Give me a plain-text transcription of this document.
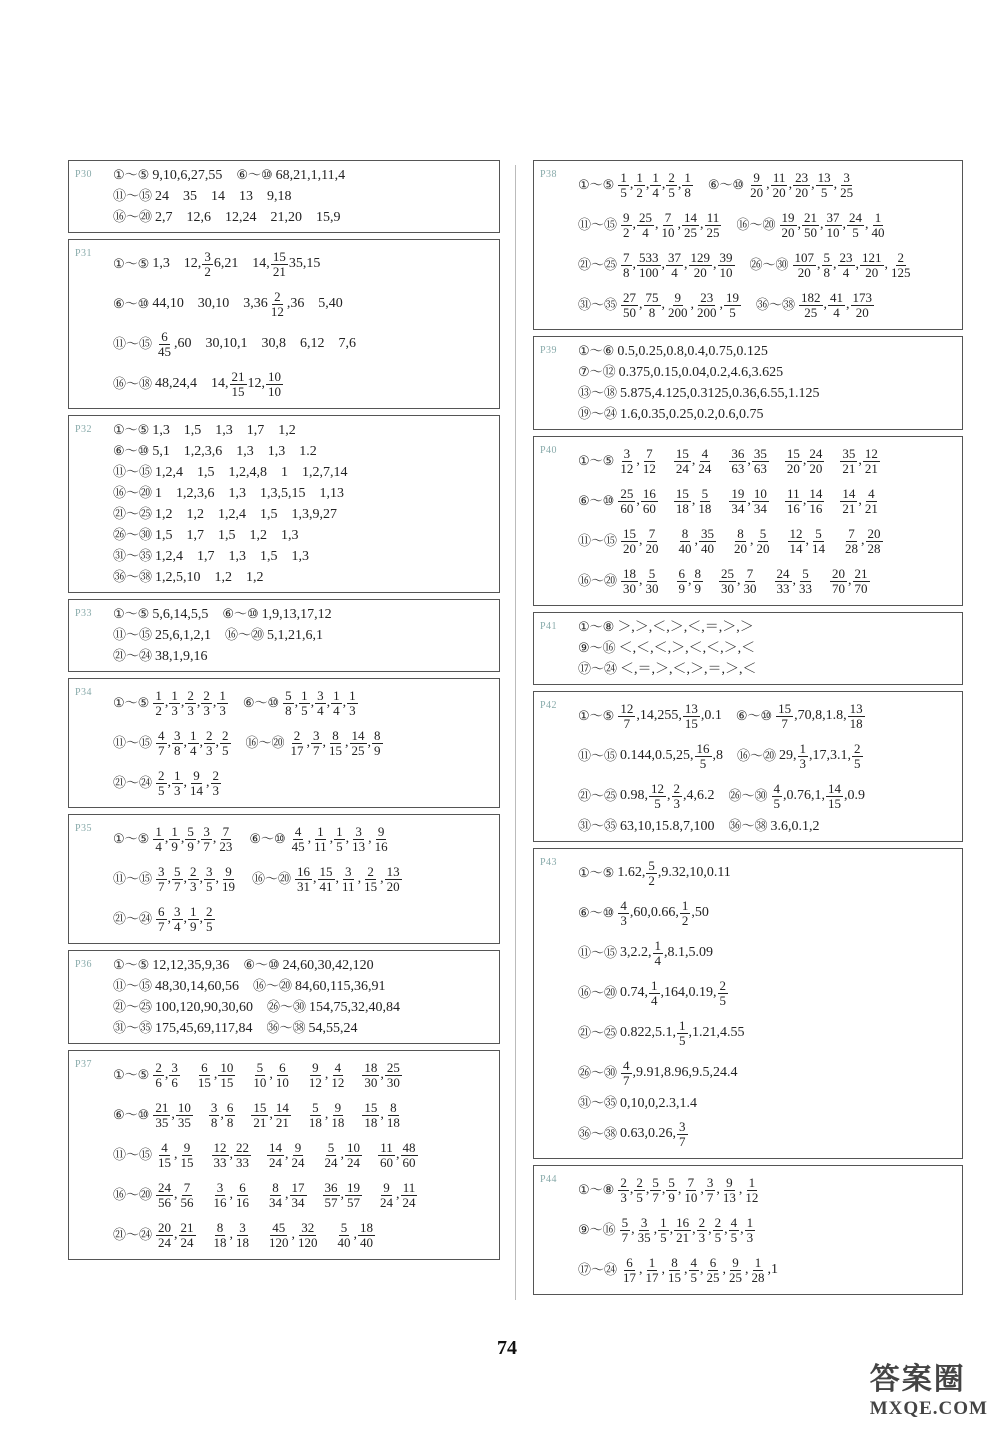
P30 ①～⑤ 9,10,6,27,55 ⑥～⑩ 68,21,1,11,4
⑪～⑮ 24　35　14　13　9,18
⑯～⑳ 2,7　12,6　12,24　21,20　15,9
P31
①～⑤ 1,3　12, $\frac{3}{2} 6,21$　14, $\frac{15}{21} 35,15$
⑥～⑩ 44,10　30,10　$3,36 \frac{2}{12} ,36$　5,40
⑪～⑮ $\frac{6}{45} ,60$　30,10,1　30,8　6,12　7,6
⑯～⑱ 48,24,4　14, $\frac{21}{15} 12$, $\frac{10}{10}$
P32 ①～⑤ 1,3　1,5　1,3　1,7　1,2
⑥～⑩ 5,1　1,2,3,6　1,3　1,3　1.2
⑪～⑮ 1,2,4　1,5　1,2,4,8　1　1,2,7,14
⑯～⑳ 1　1,2,3,6　1,3　1,3,5,15　1,13
㉑～㉕ 1,2　1,2　1,2,4　1,5　1,3,9,27
㉖～㉚ 1,5　1,7　1,5　1,2　1,3
㉛～㉟ 1,2,4　1,7　1,3　1,5　1,3
㊱～㊳ 1,2,5,10　1,2　1,2
P33 ①～⑤ 5,6,14,5,5 ⑥～⑩ 1,9,13,17,12
⑪～⑮ 25,6,1,2,1 ⑯～⑳ 5,1,21,6,1
㉑～㉔ 38,1,9,16
P34
①～⑤ $\frac{1}{2}$ , $\frac{1}{3}$ , $\frac{2}{3}$ , $\frac{2}{3}$ , $\frac{1}{3}$ ⑥～⑩ $\frac{5}{8}$ , $\frac{1}{5}$ , $\frac{3}{4}$ , $\frac{1}{4}$ , $\frac{1}{3}$
⑪～⑮ $\frac{4}{7}$ , $\frac{3}{8}$ , $\frac{1}{4}$ , $\frac{2}{3}$ , $\frac{2}{5}$ ⑯～⑳ $\frac{2}{17}$ , $\frac{3}{7}$ , $\frac{8}{15}$ , $\frac{14}{25}$ , $\frac{8}{9}$
㉑～㉔ $\frac{2}{5}$ , $\frac{1}{3}$ , $\frac{9}{14}$ , $\frac{2}{3}$
P35
①～⑤ $\frac{1}{4}$ , $\frac{1}{9}$ , $\frac{5}{9}$ , $\frac{3}{7}$ , $\frac{7}{23}$ ⑥～⑩ $\frac{4}{45}$ , $\frac{1}{11}$ , $\frac{1}{5}$ , $\frac{3}{13}$ , $\frac{9}{16}$
⑪～⑮ $\frac{3}{7}$ , $\frac{5}{7}$ , $\frac{2}{3}$ , $\frac{3}{5}$ , $\frac{9}{19}$ ⑯～⑳ $\frac{16}{31}$ , $\frac{15}{41}$ , $\frac{3}{11}$ , $\frac{2}{15}$ , $\frac{13}{20}$
㉑～㉔ $\frac{6}{7}$ , $\frac{3}{4}$ , $\frac{1}{9}$ , $\frac{2}{5}$
P36 ①～⑤ 12,12,35,9,36 ⑥～⑩ 24,60,30,42,120
⑪～⑮ 48,30,14,60,56 ⑯～⑳ 84,60,115,36,91
㉑～㉕ 100,120,90,30,60 ㉖～㉚ 154,75,32,40,84
㉛～㉟ 175,45,69,117,84 ㊱～㊳ 54,55,24
P37
①～⑤ $\frac{2}{6}$ , $\frac{3}{6}$
　 $\frac{6}{15}$ , $\frac{10}{15}$
　 $\frac{5}{10}$ , $\frac{6}{10}$
　 $\frac{9}{12}$ , $\frac{4}{12}$
　 $\frac{18}{30}$ , $\frac{25}{30}$
⑥～⑩ $\frac{21}{35}$ , $\frac{10}{35}$
　 $\frac{3}{8}$ , $\frac{6}{8}$
　 $\frac{15}{21}$ , $\frac{14}{21}$
　 $\frac{5}{18}$ , $\frac{9}{18}$
　 $\frac{15}{18}$ , $\frac{8}{18}$
⑪～⑮ $\frac{4}{15}$ , $\frac{9}{15}$
　 $\frac{12}{33}$ , $\frac{22}{33}$
　 $\frac{14}{24}$ , $\frac{9}{24}$
　 $\frac{5}{24}$ , $\frac{10}{24}$
　 $\frac{11}{60}$ , $\frac{48}{60}$
⑯～⑳ $\frac{24}{56}$ , $\frac{7}{56}$
　 $\frac{3}{16}$ , $\frac{6}{16}$
　 $\frac{8}{34}$ , $\frac{17}{34}$
　 $\frac{36}{57}$ , $\frac{19}{57}$
　 $\frac{9}{24}$ , $\frac{11}{24}$
㉑～㉔ $\frac{20}{24}$ , $\frac{21}{24}$
　 $\frac{8}{18}$ , $\frac{3}{18}$
　 $\frac{45}{120}$ , $\frac{32}{120}$
　 $\frac{5}{40}$ , $\frac{18}{40}$
P38
①～⑤ $\frac{1}{5}$ , $\frac{1}{2}$ , $\frac{1}{4}$ , $\frac{2}{5}$ , $\frac{1}{8}$ ⑥～⑩ $\frac{9}{20}$ , $\frac{11}{20}$ , $\frac{23}{20}$ , $\frac{13}{5}$ , $\frac{3}{25}$
⑪～⑮ $\frac{9}{2}$ , $\frac{25}{4}$ , $\frac{7}{10}$ , $\frac{14}{25}$ , $\frac{11}{25}$ ⑯～⑳ $\frac{19}{20}$ , $\frac{21}{50}$ , $\frac{37}{10}$ , $\frac{24}{5}$ , $\frac{1}{40}$
㉑～㉕ $\frac{7}{8}$ , $\frac{533}{100}$ , $\frac{37}{4}$ , $\frac{129}{20}$ , $\frac{39}{10}$ ㉖～㉚ $\frac{107}{20}$ , $\frac{5}{8}$ , $\frac{23}{4}$ , $\frac{121}{20}$ , $\frac{2}{125}$
㉛～㉟ $\frac{27}{50}$ , $\frac{75}{8}$ , $\frac{9}{200}$ , $\frac{23}{200}$ , $\frac{19}{5}$ ㊱～㊳ $\frac{182}{25}$ , $\frac{41}{4}$ , $\frac{173}{20}$
P39 ①～⑥ 0.5,0.25,0.8,0.4,0.75,0.125
⑦～⑫ 0.375,0.15,0.04,0.2,4.6,3.625
⑬～⑱ 5.875,4.125,0.3125,0.36,6.55,1.125
⑲～㉔ 1.6,0.35,0.25,0.2,0.6,0.75
P40
①～⑤ $\frac{3}{12}$ , $\frac{7}{12}$
　 $\frac{15}{24}$ , $\frac{4}{24}$
　 $\frac{36}{63}$ , $\frac{35}{63}$
　 $\frac{15}{20}$ , $\frac{24}{20}$
　 $\frac{35}{21}$ , $\frac{12}{21}$
⑥～⑩ $\frac{25}{60}$ , $\frac{16}{60}$
　 $\frac{15}{18}$ , $\frac{5}{18}$
　 $\frac{19}{34}$ , $\frac{10}{34}$
　 $\frac{11}{16}$ , $\frac{14}{16}$
　 $\frac{14}{21}$ , $\frac{4}{21}$
⑪～⑮ $\frac{15}{20}$ , $\frac{7}{20}$
　 $\frac{8}{40}$ , $\frac{35}{40}$
　 $\frac{8}{20}$ , $\frac{5}{20}$
　 $\frac{12}{14}$ , $\frac{5}{14}$
　 $\frac{7}{28}$ , $\frac{20}{28}$
⑯～⑳ $\frac{18}{30}$ , $\frac{5}{30}$
　 $\frac{6}{9}$ , $\frac{8}{9}$
　 $\frac{25}{30}$ , $\frac{7}{30}$
　 $\frac{24}{33}$ , $\frac{5}{33}$
　 $\frac{20}{70}$ , $\frac{21}{70}$
P41 ①～⑧ ＞,＞,＜,＞,＜,＝,＞,＞
⑨～⑯ ＜,＜,＜,＞,＜,＜,＞,＜
⑰～㉔ ＜,＝,＞,＜,＞,＝,＞,＜
P42
①～⑤ $\frac{12}{7} ,14,255$, $\frac{13}{15} ,0.1$ ⑥～⑩ $\frac{15}{7} ,70,8,1.8$, $\frac{13}{18}$
⑪～⑮ 0.144,0.5,25, $\frac{16}{5} ,8$ ⑯～⑳ 29, $\frac{1}{3} ,17,3.1$, $\frac{2}{5}$
㉑～㉕ 0.98, $\frac{12}{5}$ , $\frac{2}{3} ,4,6.2$ ㉖～㉚ $\frac{4}{5} ,0.76,1$, $\frac{14}{15} ,0.9$
㉛～㉟ 63,10,15.8,7,100 ㊱～㊳ 3.6,0.1,2
P43
①～⑤ 1.62, $\frac{5}{2} ,9.32,10,0.11$
⑥～⑩ $\frac{4}{3} ,60,0.66$, $\frac{1}{2} ,50$
⑪～⑮ 3,2.2, $\frac{1}{4} ,8.1,5.09$
⑯～⑳ 0.74, $\frac{1}{4} ,164,0.19$, $\frac{2}{5}$
㉑～㉕ 0.822,5.1, $\frac{1}{5} ,1.21,4.55$
㉖～㉚ $\frac{4}{7} ,9.91,8.96,9.5,24.4$
㉛～㉟ 0,10,0,2.3,1.4
㊱～㊳ 0.63,0.26, $\frac{3}{7}$
P44
①～⑧ $\frac{2}{3}$ , $\frac{2}{5}$ , $\frac{5}{7}$ , $\frac{5}{9}$ , $\frac{7}{10}$ , $\frac{3}{7}$ , $\frac{9}{13}$ , $\frac{1}{12}$
⑨～⑯ $\frac{5}{7}$ , $\frac{3}{35}$ , $\frac{1}{5}$ , $\frac{16}{21}$ , $\frac{2}{3}$ , $\frac{2}{5}$ , $\frac{4}{5}$ , $\frac{1}{3}$
⑰～㉔ $\frac{6}{17}$ , $\frac{1}{17}$ , $\frac{8}{15}$ , $\frac{4}{5}$ , $\frac{6}{25}$ , $\frac{9}{25}$ , $\frac{1}{28} ,1$
74
答案圈
MXQE.COM
